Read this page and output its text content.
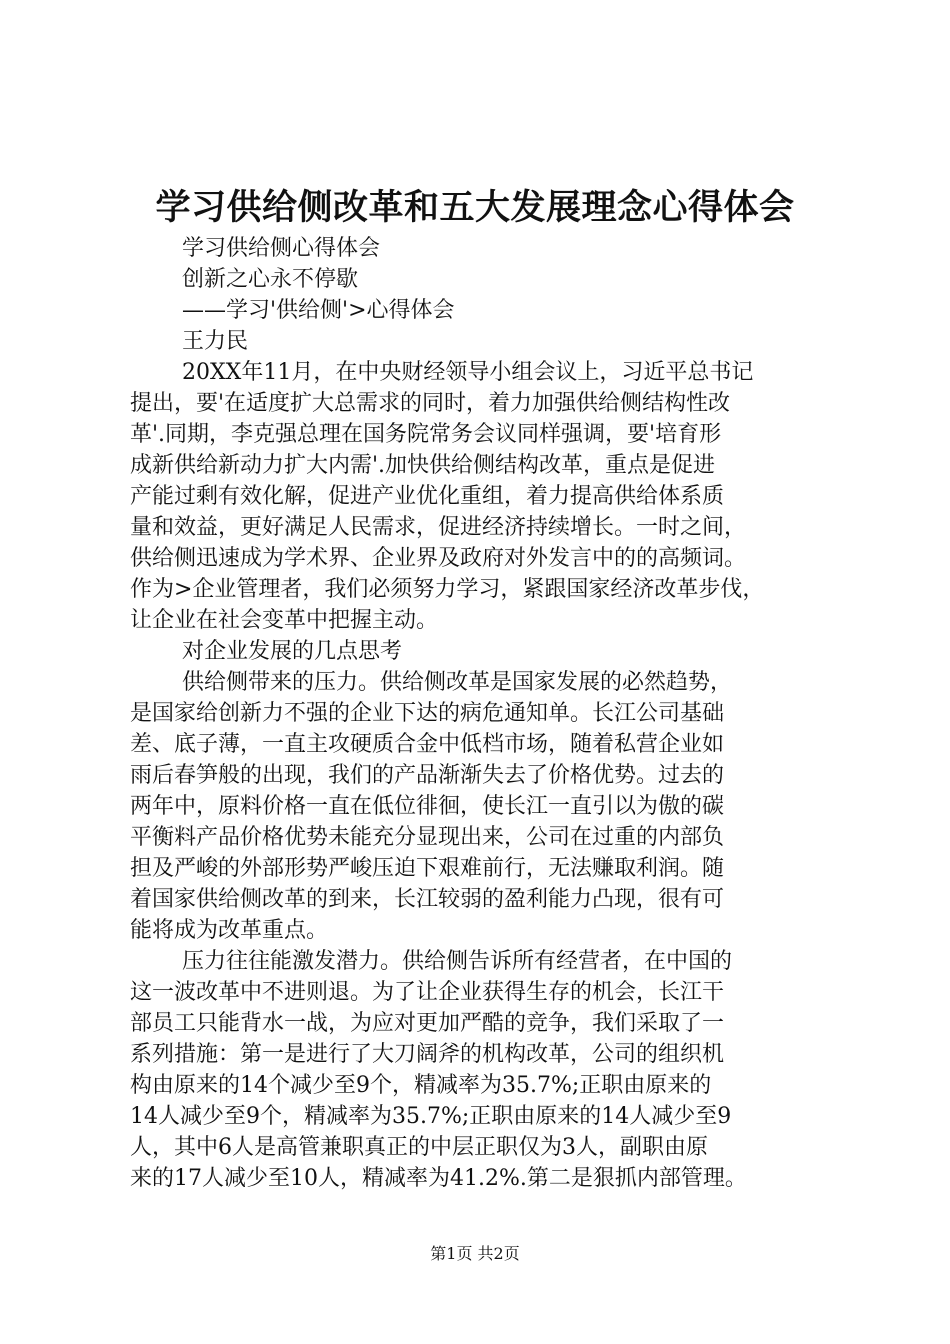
学习供给侧改革和五大发展理念心得体会
学习供给侧心得体会
创新之心永不停歇
——学习'供给侧'>心得体会
王力民
20XX年11月，在中央财经领导小组会议上，习近平总书记
提出，要'在适度扩大总需求的同时，着力加强供给侧结构性改
革'.同期，李克强总理在国务院常务会议同样强调，要'培育形
成新供给新动力扩大内需'.加快供给侧结构改革，重点是促进
产能过剩有效化解，促进产业优化重组，着力提高供给体系质
量和效益，更好满足人民需求，促进经济持续增长。一时之间，
供给侧迅速成为学术界、企业界及政府对外发言中的的高频词。
作为>企业管理者，我们必须努力学习，紧跟国家经济改革步伐，
让企业在社会变革中把握主动。
对企业发展的几点思考
供给侧带来的压力。供给侧改革是国家发展的必然趋势，
是国家给创新力不强的企业下达的病危通知单。长江公司基础
差、底子薄，一直主攻硬质合金中低档市场，随着私营企业如
雨后春笋般的出现，我们的产品渐渐失去了价格优势。过去的
两年中，原料价格一直在低位徘徊，使长江一直引以为傲的碳
平衡料产品价格优势未能充分显现出来，公司在过重的内部负
担及严峻的外部形势严峻压迫下艰难前行，无法赚取利润。随
着国家供给侧改革的到来，长江较弱的盈利能力凸现，很有可
能将成为改革重点。
压力往往能激发潜力。供给侧告诉所有经营者，在中国的
这一波改革中不进则退。为了让企业获得生存的机会，长江干
部员工只能背水一战，为应对更加严酷的竞争，我们采取了一
系列措施：第一是进行了大刀阔斧的机构改革，公司的组织机
构由原来的14个减少至9个，精减率为35.7%;正职由原来的
14人减少至9个，精减率为35.7%;正职由原来的14人减少至9
人，其中6人是高管兼职真正的中层正职仅为3人，副职由原
来的17人减少至10人，精减率为41.2%.第二是狠抓内部管理。
第1页 共2页
